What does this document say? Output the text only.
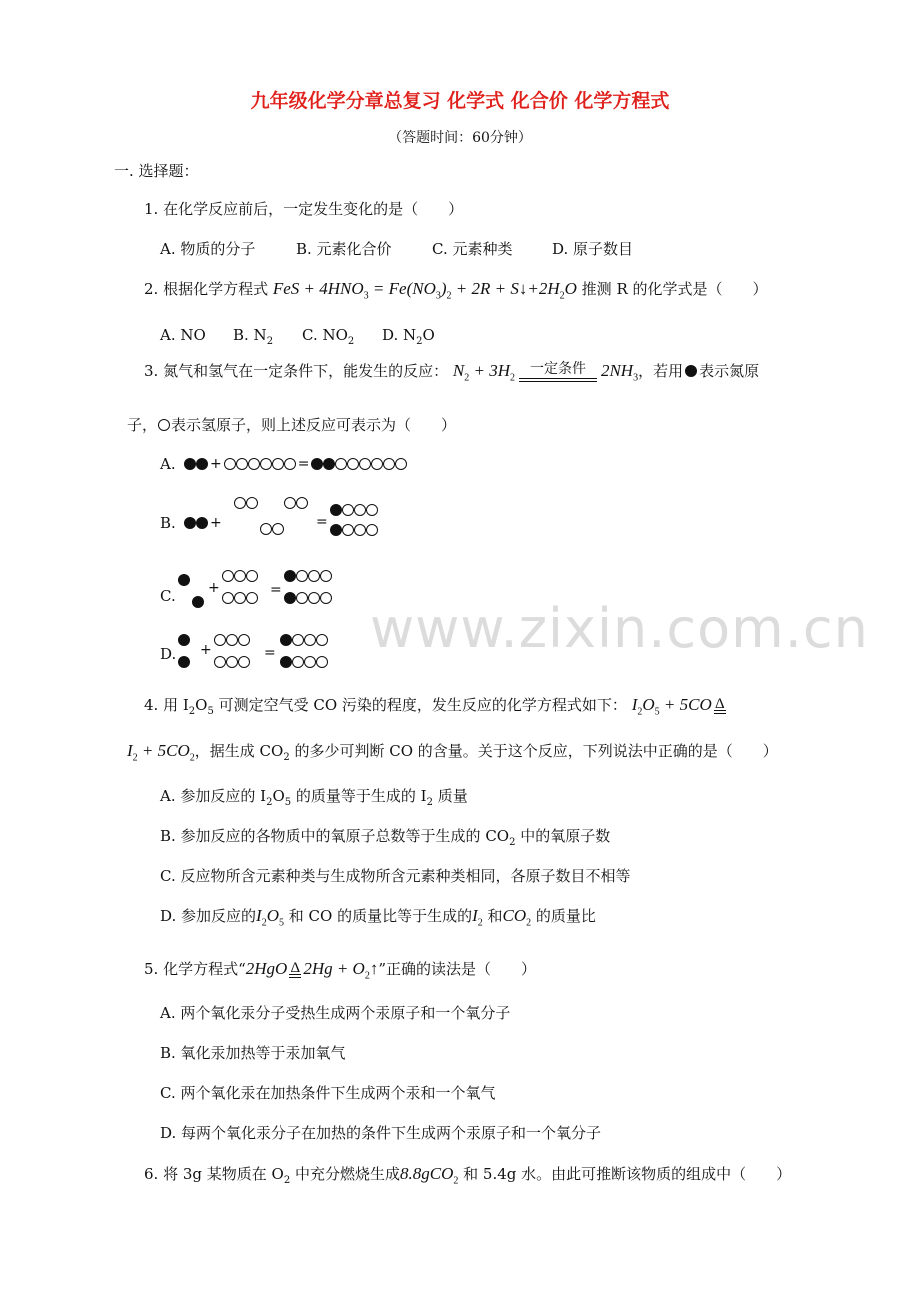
九年级化学分章总复习 化学式 化合价 化学方程式
（答题时间：60分钟）
www.zixin.com.cn
一. 选择题：
1. 在化学反应前后，一定发生变化的是（　　）
A. 物质的分子	B. 元素化合价	C. 元素种类	D. 原子数目
2. 根据化学方程式 FeS + $4HNO_3 = Fe(NO_3)_2 + 2R$ + $S↓+2H_2O$ 推测 R 的化学式是（　　）
A. NO B. $N_2$ C. $NO_2$ D. $N_2O$
3. 氮气和氢气在一定条件下，能发生的反应： $N_2 + 3H_2$
一定条件 $2NH_3$，若用 表示氮原
子， 表示氢原子，则上述反应可表示为（　　）
A. +	=
B. +	=
C. +	=
D. +	=
4. 用 $I_2O_5$ 可测定空气受 CO 污染的程度，发生反应的化学方程式如下： $I_2O_5 + 5CO$ Δ
$I_2 + 5CO_2$，据生成 $CO_2$ 的多少可判断 CO 的含量。关于这个反应，下列说法中正确的是（　　）
A. 参加反应的 $I_2O_5$ 的质量等于生成的 $I_2$ 质量
B. 参加反应的各物质中的氧原子总数等于生成的 $CO_2$ 中的氧原子数
C. 反应物所含元素种类与生成物所含元素种类相同，各原子数目不相等
D. 参加反应的$I_2O_5$ 和 CO 的质量比等于生成的$I_2$ 和$CO_2$ 的质量比
5. 化学方程式“2HgO Δ $2Hg + O_2↑$”正确的读法是（　　）
A. 两个氧化汞分子受热生成两个汞原子和一个氧分子
B. 氧化汞加热等于汞加氧气
C. 两个氧化汞在加热条件下生成两个汞和一个氧气
D. 每两个氧化汞分子在加热的条件下生成两个汞原子和一个氧分子
6. 将 3g 某物质在 $O_2$ 中充分燃烧生成8.8gCO$_2$ 和 5.4g 水。由此可推断该物质的组成中（　　）
